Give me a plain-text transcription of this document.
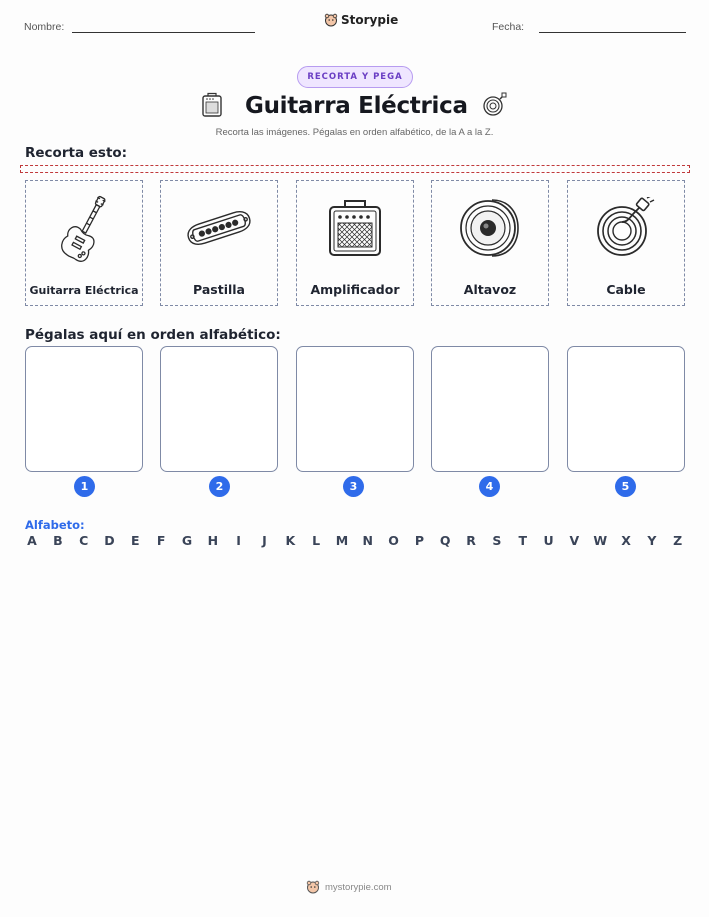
Nombre:	Storypie	Fecha:
RECORTA Y PEGA
Guitarra Eléctrica
Recorta las imágenes. Pégalas en orden alfabético, de la A a la Z.
Recorta esto:
Guitarra Eléctrica	Pastilla	Amplificador	Altavoz	Cable
Pégalas aquí en orden alfabético:
1	2	3	4	5
Alfabeto:
A B C D E F G H	I	J	K L M N O P Q R S T U V W X Y Z
mystorypie.com
